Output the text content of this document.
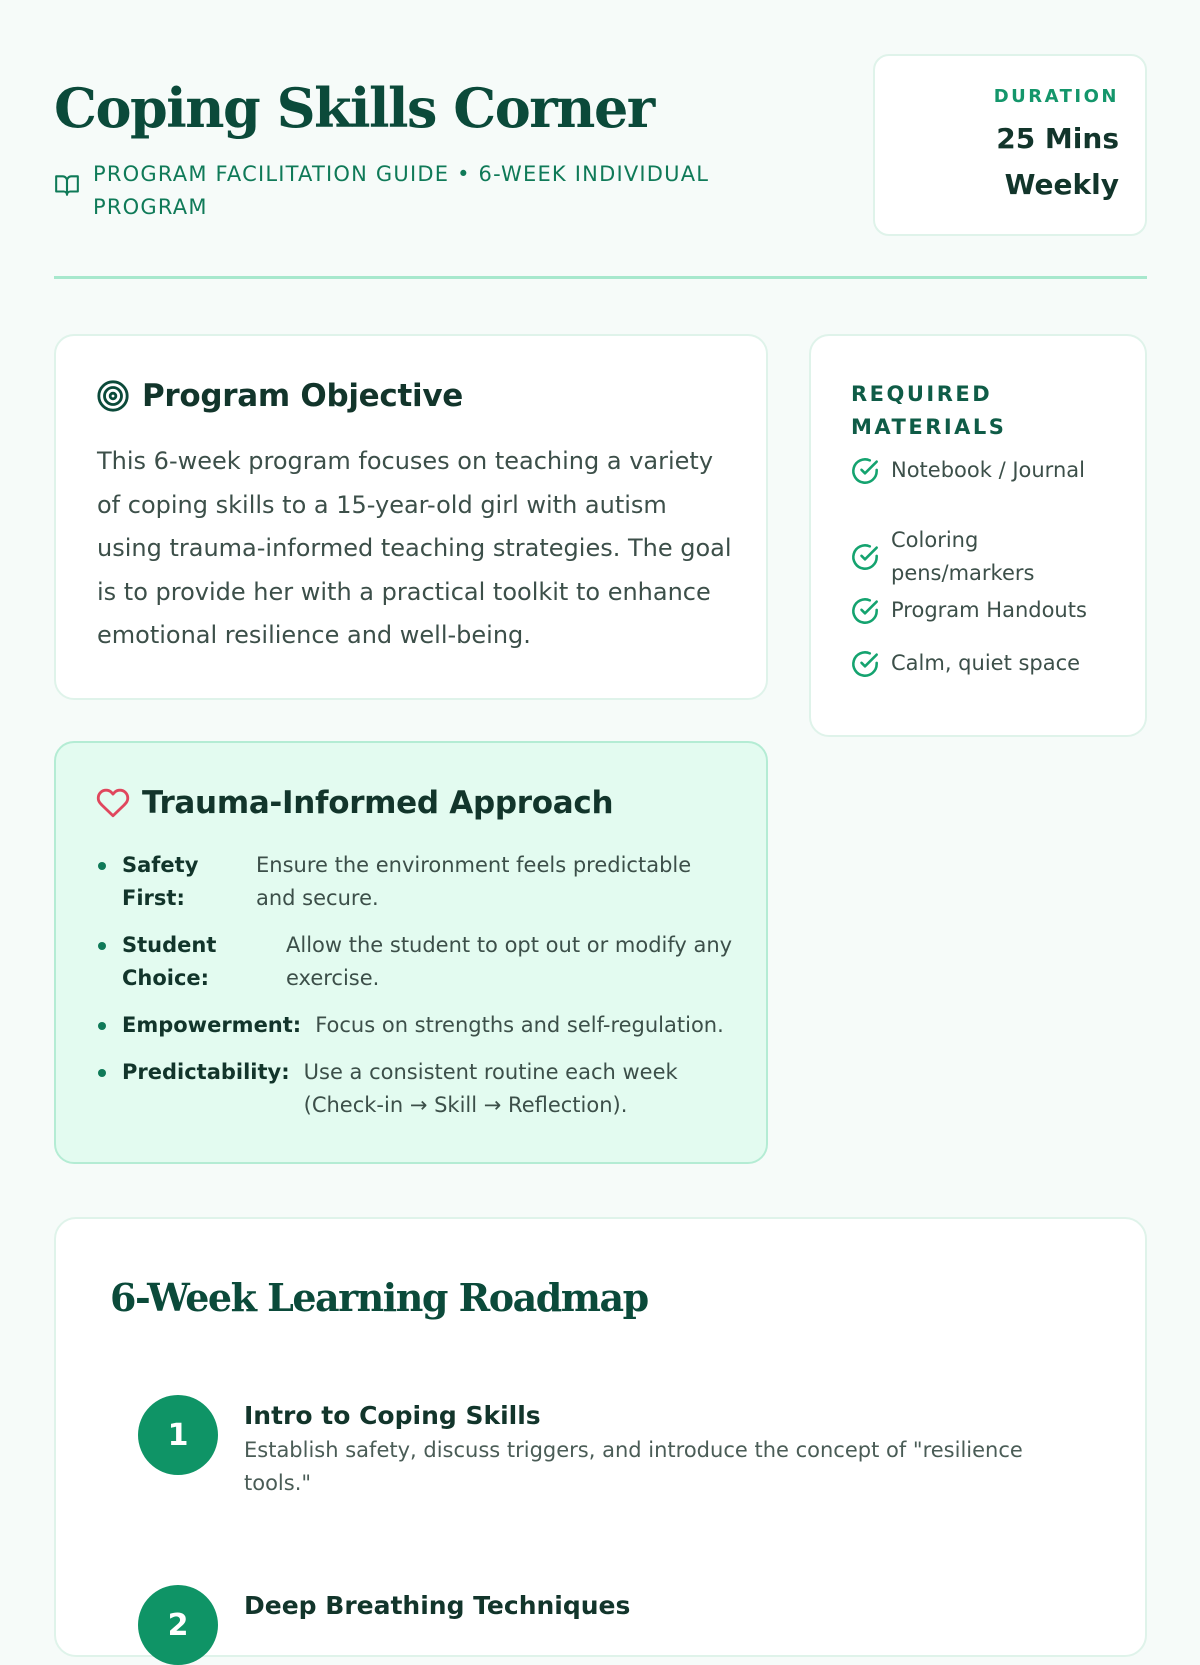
Coping Skills Corner
PROGRAM FACILITATION GUIDE • 6-WEEK INDIVIDUAL PROGRAM
DURATION
25 Mins
Weekly
Program Objective

This 6-week program focuses on teaching a variety of coping skills to a 15-year-old girl with autism using trauma-informed teaching strategies. The goal is to provide her with a practical toolkit to enhance emotional resilience and well-being.

REQUIRED MATERIALS
Notebook / Journal
Coloring pens/markers
Program Handouts
Calm, quiet space
Trauma-Informed Approach
Safety First:
Ensure the environment feels predictable and secure.
Student Choice:
Allow the student to opt out or modify any exercise.
Empowerment: Focus on strengths and self-regulation.
Predictability: Use a consistent routine each week (Check-in → Skill → Reflection).
6-Week Learning Roadmap
1
Intro to Coping Skills
Establish safety, discuss triggers, and introduce the concept of "resilience tools."
2
Deep Breathing Techniques
